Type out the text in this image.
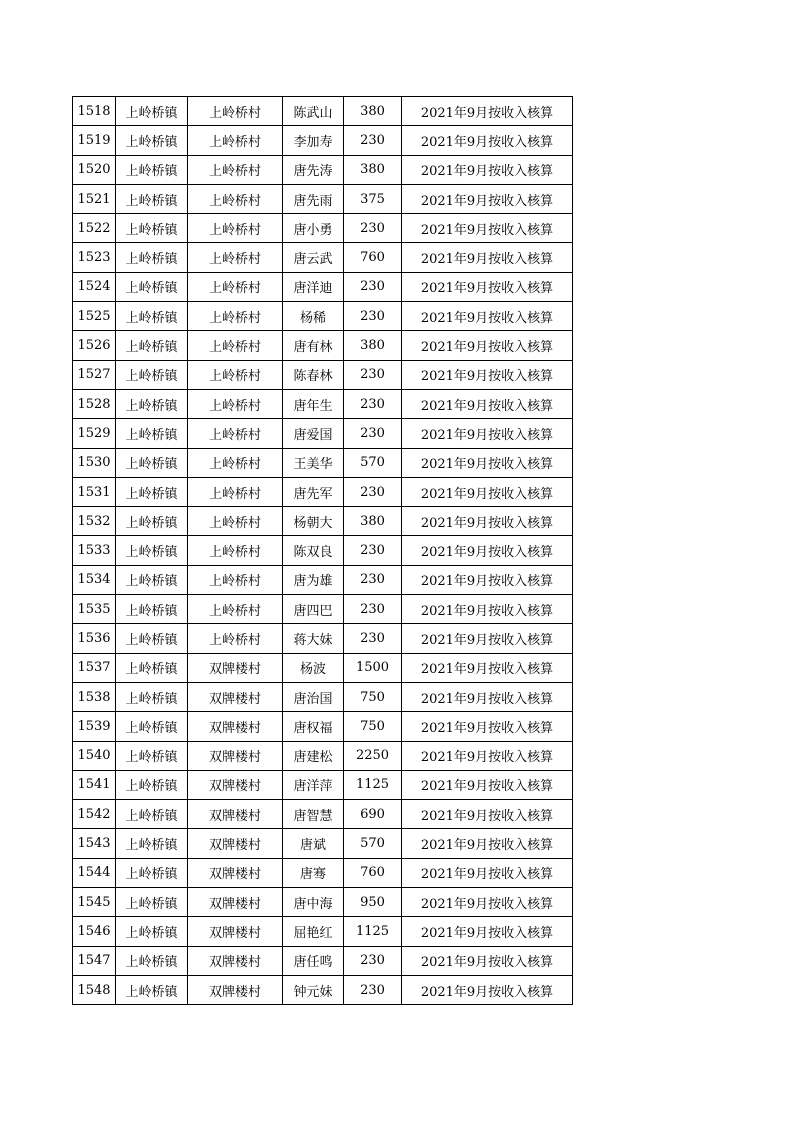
1518	上岭桥镇	上岭桥村	陈武山	380	2021年9月按收入核算
1519	上岭桥镇	上岭桥村	李加寿	230	2021年9月按收入核算
1520	上岭桥镇	上岭桥村	唐先涛	380	2021年9月按收入核算
1521	上岭桥镇	上岭桥村	唐先雨	375	2021年9月按收入核算
1522	上岭桥镇	上岭桥村	唐小勇	230	2021年9月按收入核算
1523	上岭桥镇	上岭桥村	唐云武	760	2021年9月按收入核算
1524	上岭桥镇	上岭桥村	唐洋迪	230	2021年9月按收入核算
1525	上岭桥镇	上岭桥村	杨稀	230	2021年9月按收入核算
1526	上岭桥镇	上岭桥村	唐有林	380	2021年9月按收入核算
1527	上岭桥镇	上岭桥村	陈春林	230	2021年9月按收入核算
1528	上岭桥镇	上岭桥村	唐年生	230	2021年9月按收入核算
1529	上岭桥镇	上岭桥村	唐爱国	230	2021年9月按收入核算
1530	上岭桥镇	上岭桥村	王美华	570	2021年9月按收入核算
1531	上岭桥镇	上岭桥村	唐先军	230	2021年9月按收入核算
1532	上岭桥镇	上岭桥村	杨朝大	380	2021年9月按收入核算
1533	上岭桥镇	上岭桥村	陈双良	230	2021年9月按收入核算
1534	上岭桥镇	上岭桥村	唐为雄	230	2021年9月按收入核算
1535	上岭桥镇	上岭桥村	唐四巴	230	2021年9月按收入核算
1536	上岭桥镇	上岭桥村	蒋大妹	230	2021年9月按收入核算
1537	上岭桥镇	双牌楼村	杨波	1500	2021年9月按收入核算
1538	上岭桥镇	双牌楼村	唐治国	750	2021年9月按收入核算
1539	上岭桥镇	双牌楼村	唐权福	750	2021年9月按收入核算
1540	上岭桥镇	双牌楼村	唐建松	2250	2021年9月按收入核算
1541	上岭桥镇	双牌楼村	唐洋萍	1125	2021年9月按收入核算
1542	上岭桥镇	双牌楼村	唐智慧	690	2021年9月按收入核算
1543	上岭桥镇	双牌楼村	唐斌	570	2021年9月按收入核算
1544	上岭桥镇	双牌楼村	唐骞	760	2021年9月按收入核算
1545	上岭桥镇	双牌楼村	唐中海	950	2021年9月按收入核算
1546	上岭桥镇	双牌楼村	屈艳红	1125	2021年9月按收入核算
1547	上岭桥镇	双牌楼村	唐任鸣	230	2021年9月按收入核算
1548	上岭桥镇	双牌楼村	钟元妹	230	2021年9月按收入核算
